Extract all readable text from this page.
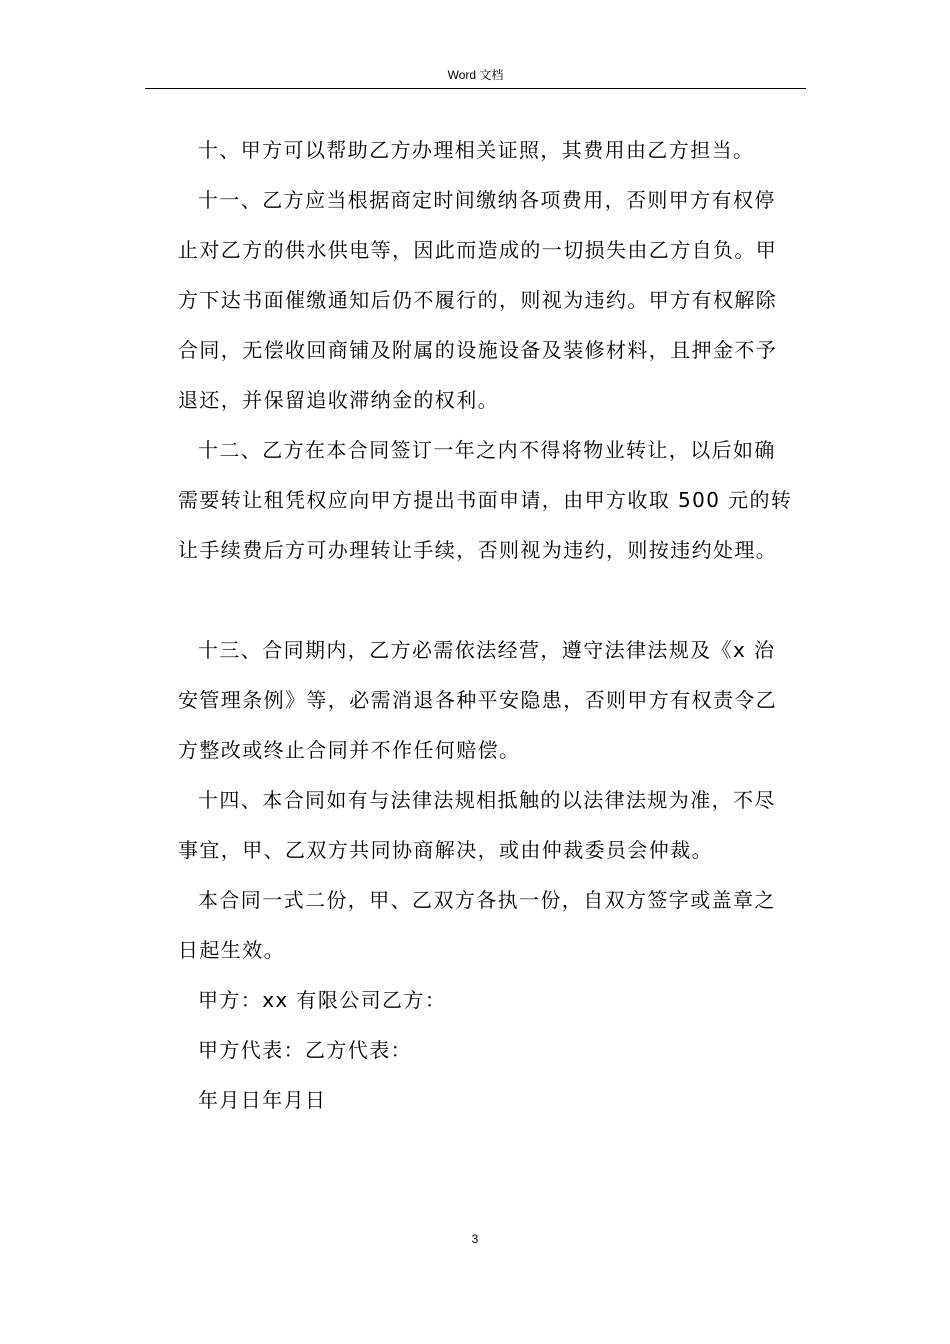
Word 文档

十、甲方可以帮助乙方办理相关证照，其费用由乙方担当。

十一、乙方应当根据商定时间缴纳各项费用，否则甲方有权停
止对乙方的供水供电等，因此而造成的一切损失由乙方自负。甲
方下达书面催缴通知后仍不履行的，则视为违约。甲方有权解除
合同，无偿收回商铺及附属的设施设备及装修材料，且押金不予
退还，并保留追收滞纳金的权利。

十二、乙方在本合同签订一年之内不得将物业转让，以后如确
需要转让租凭权应向甲方提出书面申请，由甲方收取 500 元的转
让手续费后方可办理转让手续，否则视为违约，则按违约处理。

十三、合同期内，乙方必需依法经营，遵守法律法规及《x 治
安管理条例》等，必需消退各种平安隐患，否则甲方有权责令乙
方整改或终止合同并不作任何赔偿。

十四、本合同如有与法律法规相抵触的以法律法规为准，不尽
事宜，甲、乙双方共同协商解决，或由仲裁委员会仲裁。

本合同一式二份，甲、乙双方各执一份，自双方签字或盖章之
日起生效。

甲方：xx 有限公司乙方：

甲方代表：乙方代表：

年月日年月日

3
